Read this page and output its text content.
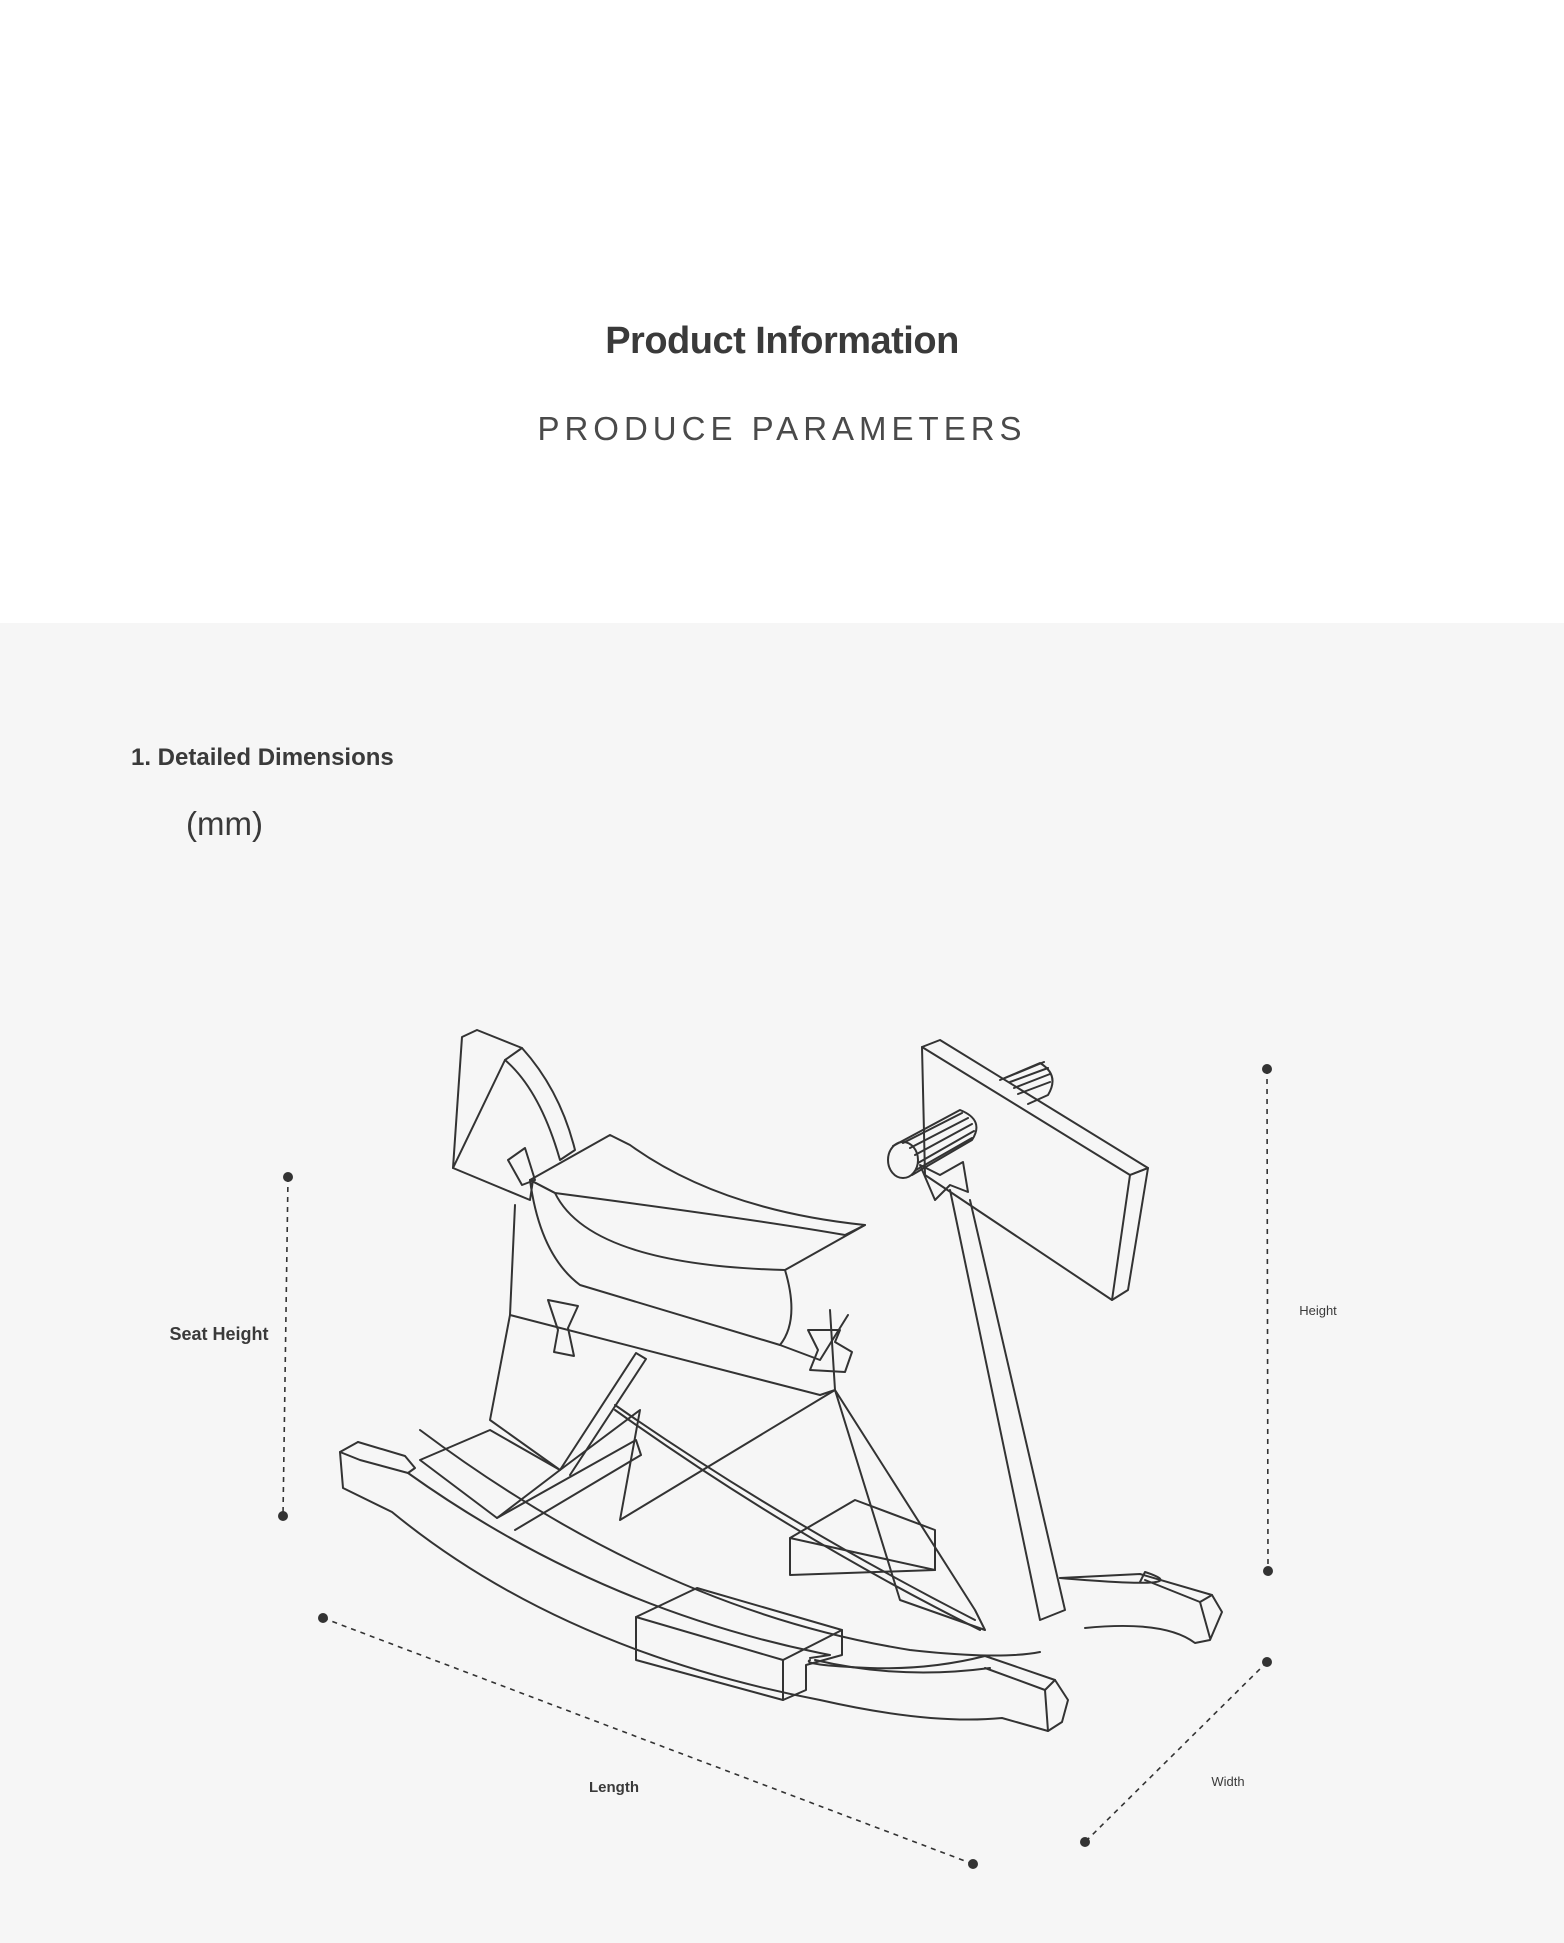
Product Information
PRODUCE PARAMETERS
1. Detailed Dimensions
(mm)
Seat Height
Height
Length	Width
